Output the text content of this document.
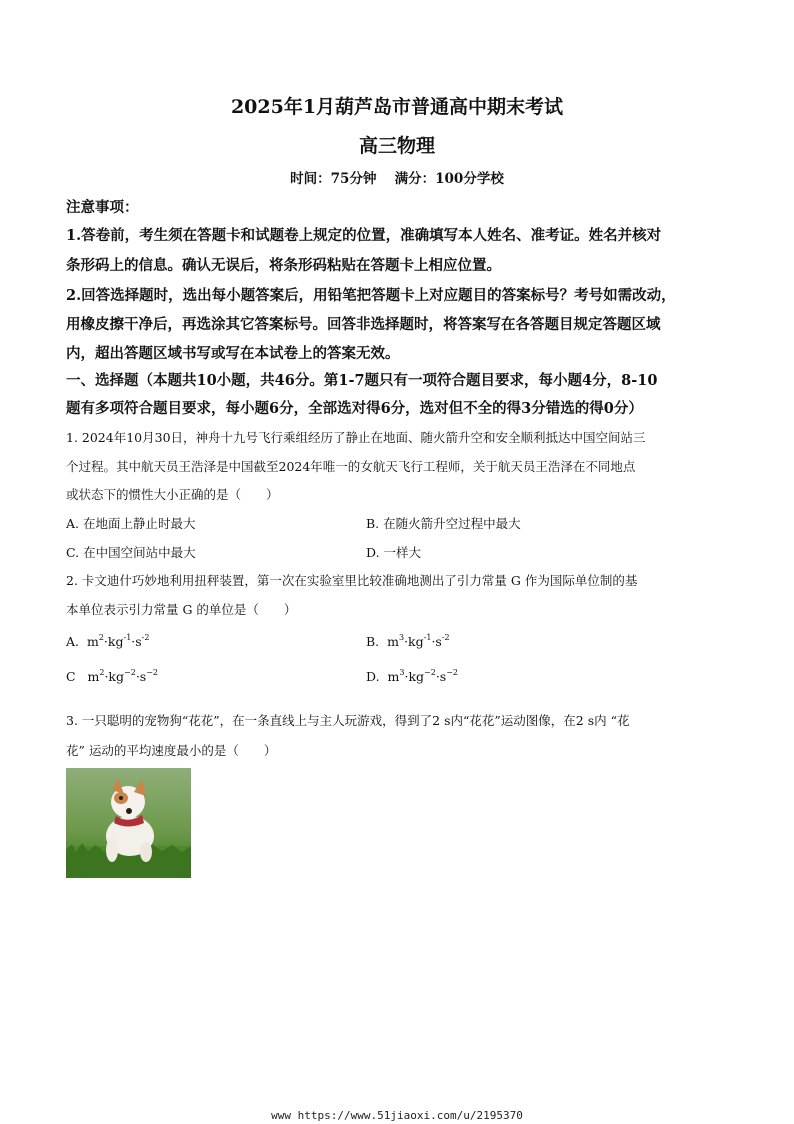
2025年1月葫芦岛市普通高中期末考试
高三物理
时间：75分钟　 满分：100分学校
注意事项：
1.答卷前，考生须在答题卡和试题卷上规定的位置，准确填写本人姓名、准考证。姓名并核对
条形码上的信息。确认无误后，将条形码粘贴在答题卡上相应位置。
2.回答选择题时，选出每小题答案后，用铅笔把答题卡上对应题目的答案标号？考号如需改动，
用橡皮擦干净后，再选涂其它答案标号。回答非选择题时，将答案写在各答题目规定答题区域
内，超出答题区域书写或写在本试卷上的答案无效。
一、选择题（本题共10小题，共46分。第1-7题只有一项符合题目要求，每小题4分，8-10
题有多项符合题目要求，每小题6分，全部选对得6分，选对但不全的得3分错选的得0分）
1. 2024年10月30日，神舟十九号飞行乘组经历了静止在地面、随火箭升空和安全顺利抵达中国空间站三
个过程。其中航天员王浩泽是中国截至2024年唯一的女航天飞行工程师，关于航天员王浩泽在不同地点
或状态下的惯性大小正确的是（　　）
A. 在地面上静止时最大	B. 在随火箭升空过程中最大
C. 在中国空间站中最大	D. 一样大
2. 卡文迪什巧妙地利用扭秤装置，第一次在实验室里比较准确地测出了引力常量 G 作为国际单位制的基
本单位表示引力常量 G 的单位是（　　）
A. $m^2\cdot kg^{-1}\cdot s^{-2}$	B. $m^3\cdot kg^{-1}\cdot s^{-2}$
C $m^2\cdot kg^{-2}\cdot s^{-2}$	D. $m^3\cdot kg^{-2}\cdot s^{-2}$
3. 一只聪明的宠物狗“花花”，在一条直线上与主人玩游戏，得到了2 s内“花花”运动图像，在2 s内 “花
花” 运动的平均速度最小的是（　　）
www https://www.51jiaoxi.com/u/2195370
